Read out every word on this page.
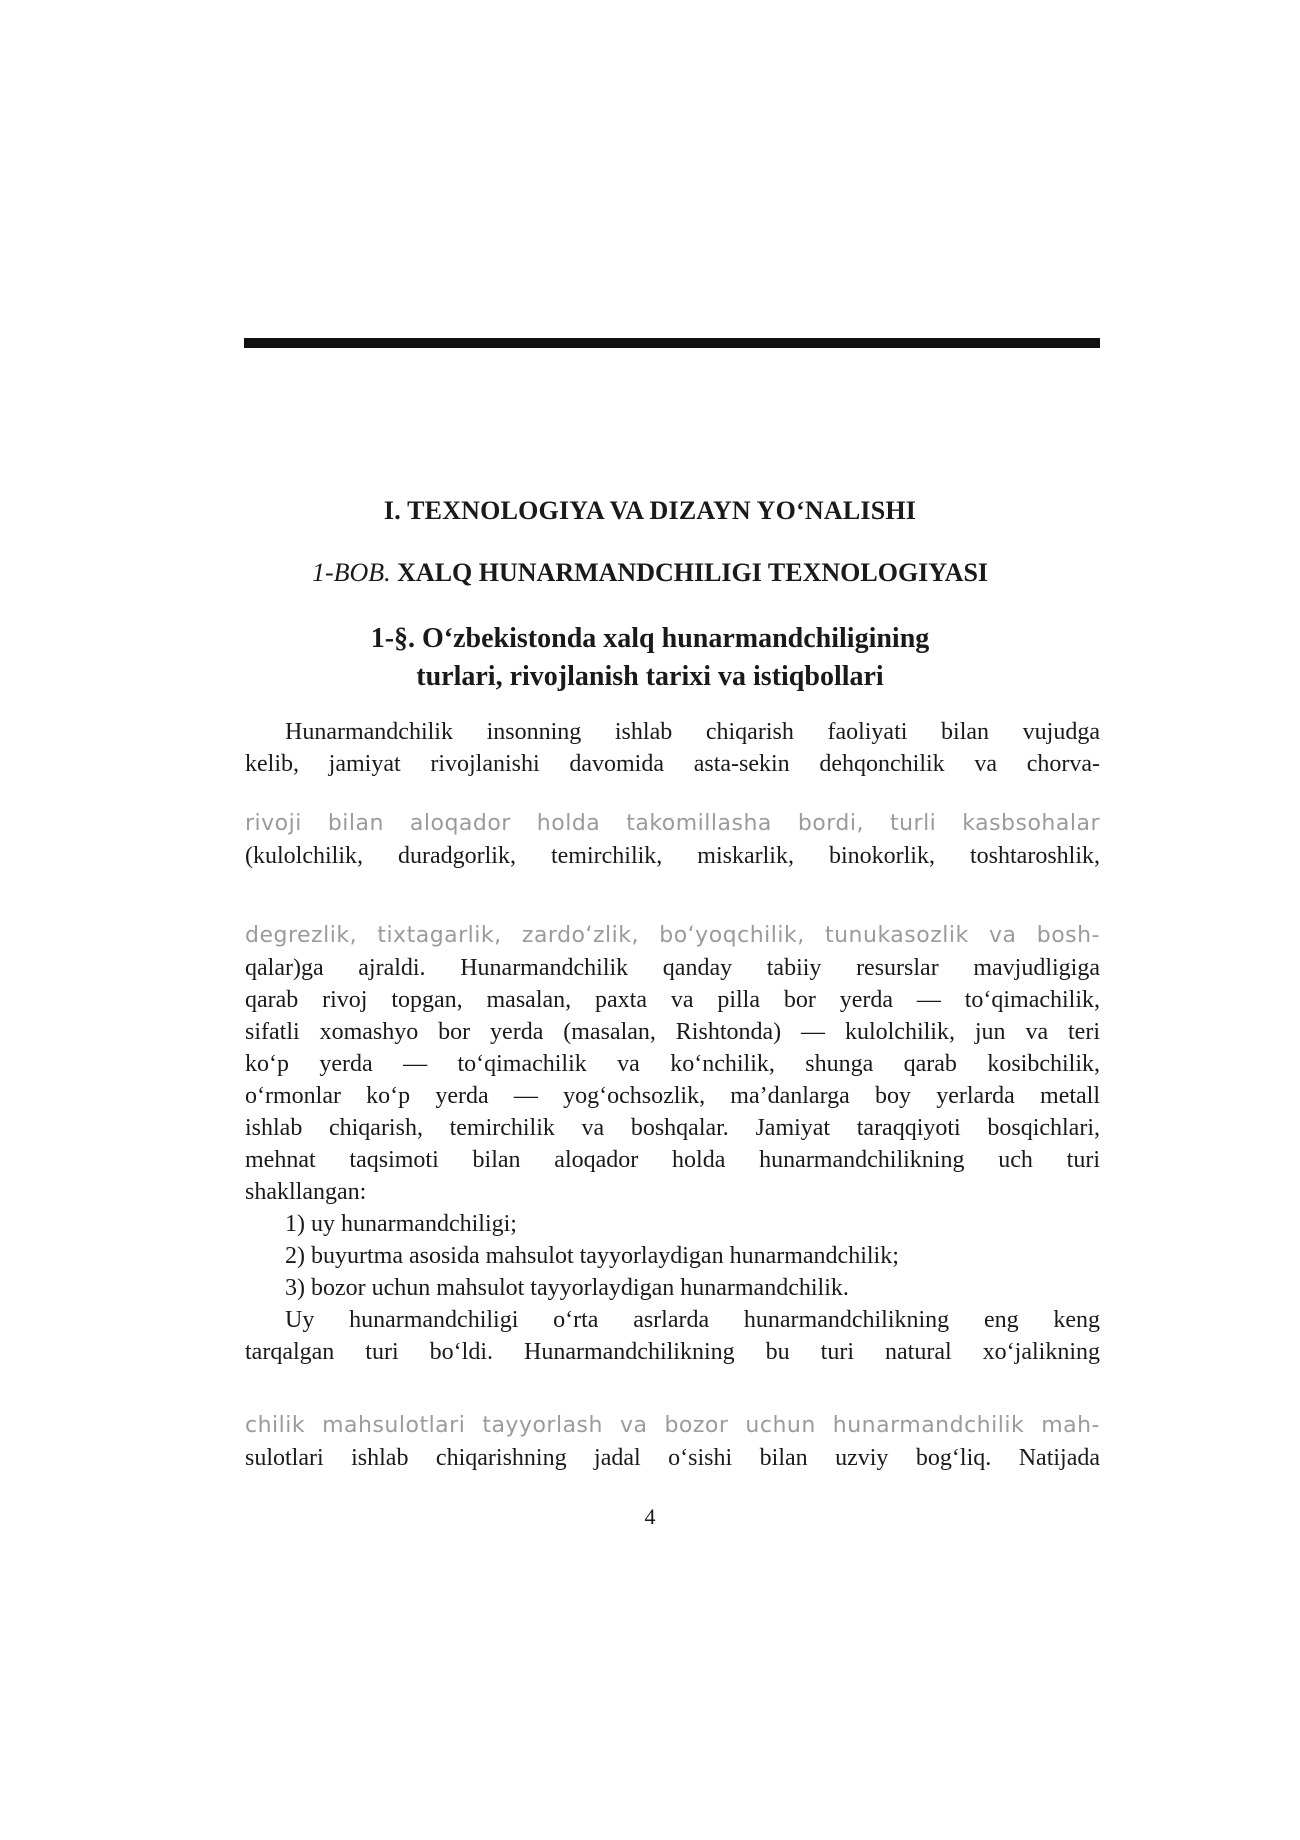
I. TEXNOLOGIYA VA DIZAYN YO‘NALISHI
1-BOB. XALQ HUNARMANDCHILIGI TEXNOLOGIYASI
1-§. O‘zbekistonda xalq hunarmandchiligining
turlari, rivojlanish tarixi va istiqbollari
Hunarmandchilik insonning ishlab chiqarish faoliyati bilan vujudga
kelib, jamiyat rivojlanishi davomida asta-sekin dehqonchilik va chorva-
rivoji bilan aloqador holda takomillasha bordi, turli kasbsohalar
(kulolchilik, duradgorlik, temirchilik, miskarlik, binokorlik, toshtaroshlik,
degrezlik, tixtagarlik, zardo‘zlik, bo‘yoqchilik, tunukasozlik va bosh-
qalar)ga ajraldi. Hunarmandchilik qanday tabiiy resurslar mavjudligiga
qarab rivoj topgan, masalan, paxta va pilla bor yerda — to‘qimachilik,
sifatli xomashyo bor yerda (masalan, Rishtonda) — kulolchilik, jun va teri
ko‘p yerda — to‘qimachilik va ko‘nchilik, shunga qarab kosibchilik,
o‘rmonlar ko‘p yerda — yog‘ochsozlik, ma’danlarga boy yerlarda metall
ishlab chiqarish, temirchilik va boshqalar. Jamiyat taraqqiyoti bosqichlari,
mehnat taqsimoti bilan aloqador holda hunarmandchilikning uch turi
shakllangan:
1) uy hunarmandchiligi;
2) buyurtma asosida mahsulot tayyorlaydigan hunarmandchilik;
3) bozor uchun mahsulot tayyorlaydigan hunarmandchilik.
Uy hunarmandchiligi o‘rta asrlarda hunarmandchilikning eng keng
tarqalgan turi bo‘ldi. Hunarmandchilikning bu turi natural xo‘jalikning
chilik mahsulotlari tayyorlash va bozor uchun hunarmandchilik mah-
sulotlari ishlab chiqarishning jadal o‘sishi bilan uzviy bog‘liq. Natijada
4
